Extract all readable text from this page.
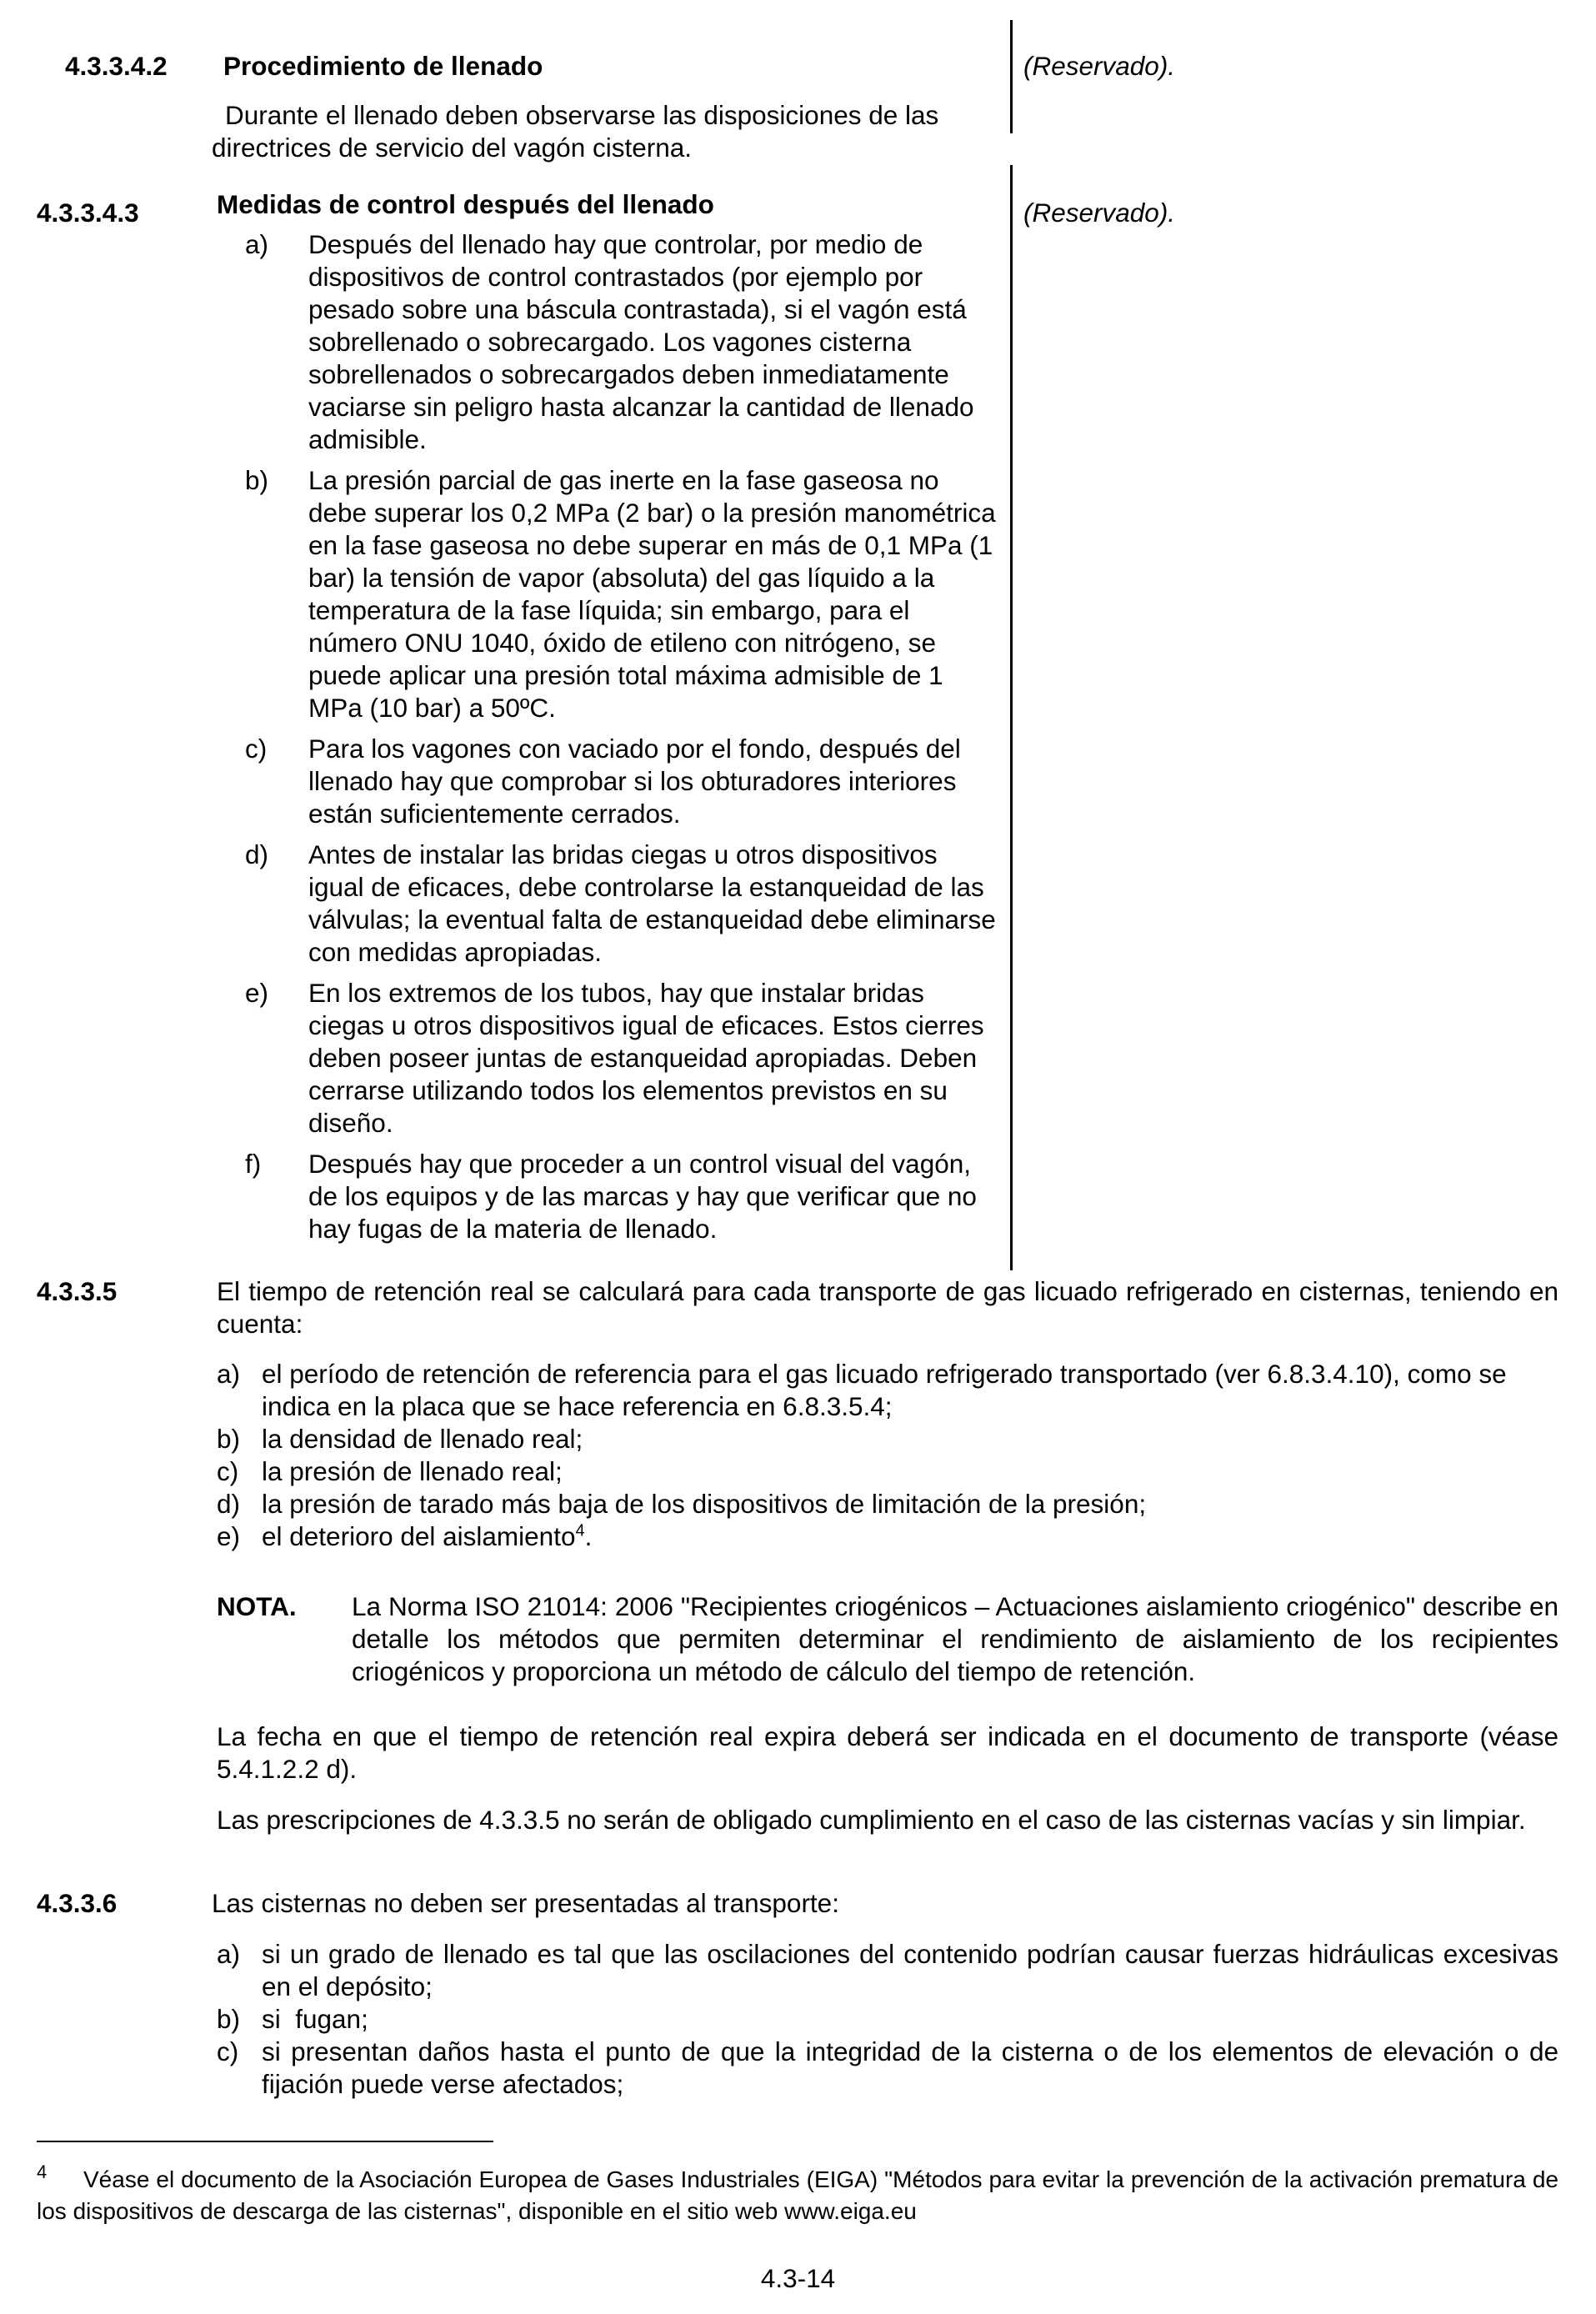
4.3.3.4.2 Procedimiento de llenado
Durante el llenado deben observarse las disposiciones de las directrices de servicio del vagón cisterna.
(Reservado).
4.3.3.4.3	Medidas de control después del llenado	(Reservado).
a) Después del llenado hay que controlar, por medio de dispositivos de control contrastados (por ejemplo por pesado sobre una báscula contrastada), si el vagón está sobrellenado o sobrecargado. Los vagones cisterna sobrellenados o sobrecargados deben inmediatamente vaciarse sin peligro hasta alcanzar la cantidad de llenado admisible.
b) La presión parcial de gas inerte en la fase gaseosa no debe superar los 0,2 MPa (2 bar) o la presión manométrica en la fase gaseosa no debe superar en más de 0,1 MPa (1 bar) la tensión de vapor (absoluta) del gas líquido a la temperatura de la fase líquida; sin embargo, para el número ONU 1040, óxido de etileno con nitrógeno, se puede aplicar una presión total máxima admisible de 1 MPa (10 bar) a 50ºC.
c) Para los vagones con vaciado por el fondo, después del llenado hay que comprobar si los obturadores interiores están suficientemente cerrados.
d) Antes de instalar las bridas ciegas u otros dispositivos igual de eficaces, debe controlarse la estanqueidad de las válvulas; la eventual falta de estanqueidad debe eliminarse con medidas apropiadas.
e) En los extremos de los tubos, hay que instalar bridas ciegas u otros dispositivos igual de eficaces. Estos cierres deben poseer juntas de estanqueidad apropiadas. Deben cerrarse utilizando todos los elementos previstos en su diseño.
f) Después hay que proceder a un control visual del vagón, de los equipos y de las marcas y hay que verificar que no hay fugas de la materia de llenado.
4.3.3.5	El tiempo de retención real se calculará para cada transporte de gas licuado refrigerado en cisternas, teniendo en cuenta:
a) el período de retención de referencia para el gas licuado refrigerado transportado (ver 6.8.3.4.10), como se indica en la placa que se hace referencia en 6.8.3.5.4;
b) la densidad de llenado real;
c) la presión de llenado real;
d) la presión de tarado más baja de los dispositivos de limitación de la presión;
e) el deterioro del aislamiento$^4$.
NOTA. La Norma ISO 21014: 2006 "Recipientes criogénicos – Actuaciones aislamiento criogénico" describe en detalle los métodos que permiten determinar el rendimiento de aislamiento de los recipientes criogénicos y proporciona un método de cálculo del tiempo de retención.
La fecha en que el tiempo de retención real expira deberá ser indicada en el documento de transporte (véase 5.4.1.2.2 d).
Las prescripciones de 4.3.3.5 no serán de obligado cumplimiento en el caso de las cisternas vacías y sin limpiar.
4.3.3.6	Las cisternas no deben ser presentadas al transporte:
a) si un grado de llenado es tal que las oscilaciones del contenido podrían causar fuerzas hidráulicas excesivas en el depósito;
b) si  fugan;
c) si presentan daños hasta el punto de que la integridad de la cisterna o de los elementos de elevación o de fijación puede verse afectados;
4	Véase el documento de la Asociación Europea de Gases Industriales (EIGA) "Métodos para evitar la prevención de la activación prematura de los dispositivos de descarga de las cisternas", disponible en el sitio web www.eiga.eu
4.3-14
